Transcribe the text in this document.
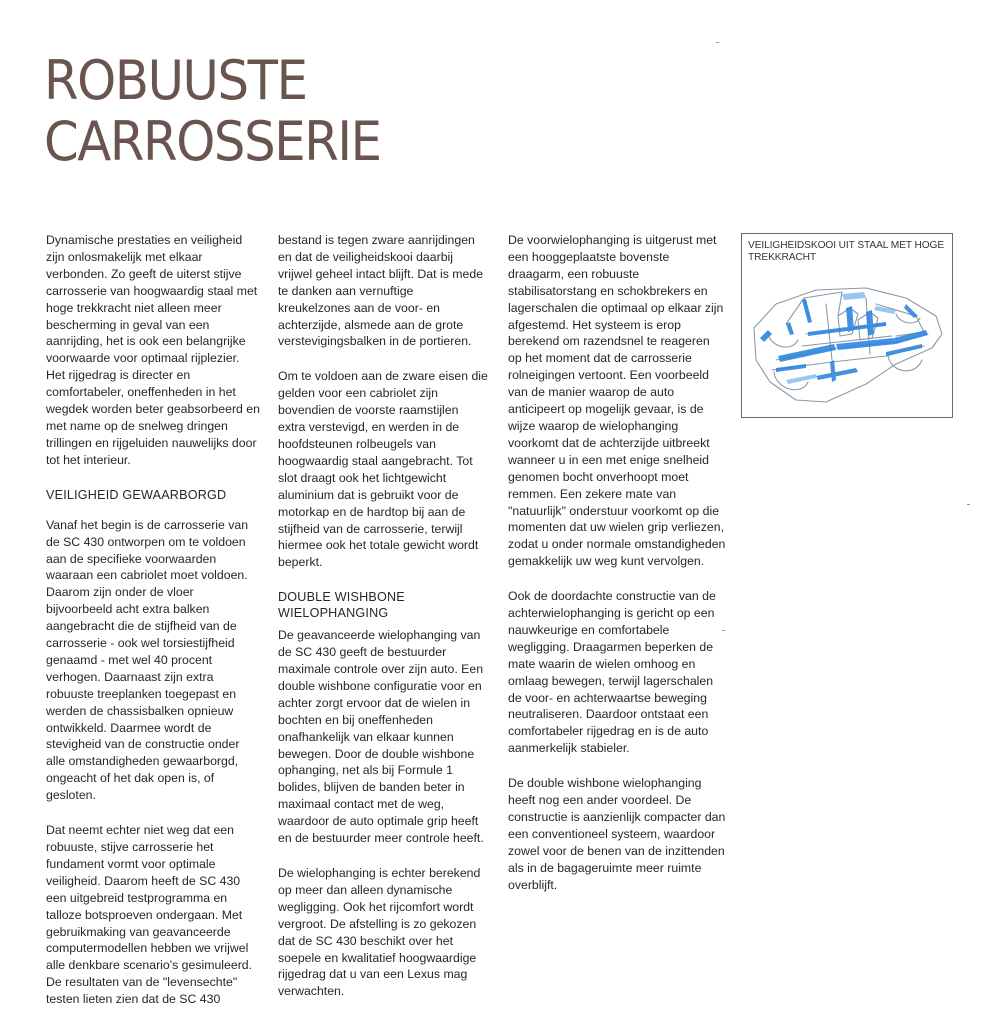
ROBUUSTE
CARROSSERIE

Dynamische prestaties en veiligheid zijn onlosmakelijk met elkaar verbonden. Zo geeft de uiterst stijve carrosserie van hoogwaardig staal met hoge trekkracht niet alleen meer bescherming in geval van een aanrijding, het is ook een belangrijke voorwaarde voor optimaal rijplezier. Het rijgedrag is directer en comfortabeler, oneffenheden in het wegdek worden beter geabsorbeerd en met name op de snelweg dringen trillingen en rijgeluiden nauwelijks door tot het interieur.

VEILIGHEID GEWAARBORGD

Vanaf het begin is de carrosserie van de SC 430 ontworpen om te voldoen aan de specifieke voorwaarden waaraan een cabriolet moet voldoen. Daarom zijn onder de vloer bijvoorbeeld acht extra balken aangebracht die de stijfheid van de carrosserie - ook wel torsiestijfheid genaamd - met wel 40 procent verhogen. Daarnaast zijn extra robuuste treeplanken toegepast en werden de chassisbalken opnieuw ontwikkeld. Daarmee wordt de stevigheid van de constructie onder alle omstandigheden gewaarborgd, ongeacht of het dak open is, of gesloten.

Dat neemt echter niet weg dat een robuuste, stijve carrosserie het fundament vormt voor optimale veiligheid. Daarom heeft de SC 430 een uitgebreid testprogramma en talloze botsproeven ondergaan. Met gebruikmaking van geavanceerde computermodellen hebben we vrijwel alle denkbare scenario's gesimuleerd. De resultaten van de "levensechte" testen lieten zien dat de SC 430

bestand is tegen zware aanrijdingen en dat de veiligheidskooi daarbij vrijwel geheel intact blijft. Dat is mede te danken aan vernuftige kreukelzones aan de voor- en achterzijde, alsmede aan de grote verstevigingsbalken in de portieren.

Om te voldoen aan de zware eisen die gelden voor een cabriolet zijn bovendien de voorste raamstijlen extra verstevigd, en werden in de hoofdsteunen rolbeugels van hoogwaardig staal aangebracht. Tot slot draagt ook het lichtgewicht aluminium dat is gebruikt voor de motorkap en de hardtop bij aan de stijfheid van de carrosserie, terwijl hiermee ook het totale gewicht wordt beperkt.

DOUBLE WISHBONE
WIELOPHANGING

De geavanceerde wielophanging van de SC 430 geeft de bestuurder maximale controle over zijn auto. Een double wishbone configuratie voor en achter zorgt ervoor dat de wielen in bochten en bij oneffenheden onafhankelijk van elkaar kunnen bewegen. Door de double wishbone ophanging, net als bij Formule 1 bolides, blijven de banden beter in maximaal contact met de weg, waardoor de auto optimale grip heeft en de bestuurder meer controle heeft.

De wielophanging is echter berekend op meer dan alleen dynamische wegligging. Ook het rijcomfort wordt vergroot. De afstelling is zo gekozen dat de SC 430 beschikt over het soepele en kwalitatief hoogwaardige rijgedrag dat u van een Lexus mag verwachten.

De voorwielophanging is uitgerust met een hooggeplaatste bovenste draagarm, een robuuste stabilisatorstang en schokbrekers en lagerschalen die optimaal op elkaar zijn afgestemd. Het systeem is erop berekend om razendsnel te reageren op het moment dat de carrosserie rolneigingen vertoont. Een voorbeeld van de manier waarop de auto anticipeert op mogelijk gevaar, is de wijze waarop de wielophanging voorkomt dat de achterzijde uitbreekt wanneer u in een met enige snelheid genomen bocht onverhoopt moet remmen. Een zekere mate van "natuurlijk" onderstuur voorkomt op die momenten dat uw wielen grip verliezen, zodat u onder normale omstandigheden gemakkelijk uw weg kunt vervolgen.

Ook de doordachte constructie van de achterwielophanging is gericht op een nauwkeurige en comfortabele wegligging. Draagarmen beperken de mate waarin de wielen omhoog en omlaag bewegen, terwijl lagerschalen de voor- en achterwaartse beweging neutraliseren. Daardoor ontstaat een comfortabeler rijgedrag en is de auto aanmerkelijk stabieler.

De double wishbone wielophanging heeft nog een ander voordeel. De constructie is aanzienlijk compacter dan een conventioneel systeem, waardoor zowel voor de benen van de inzittenden als in de bagageruimte meer ruimte overblijft.

VEILIGHEIDSKOOI UIT STAAL MET HOGE TREKKRACHT
